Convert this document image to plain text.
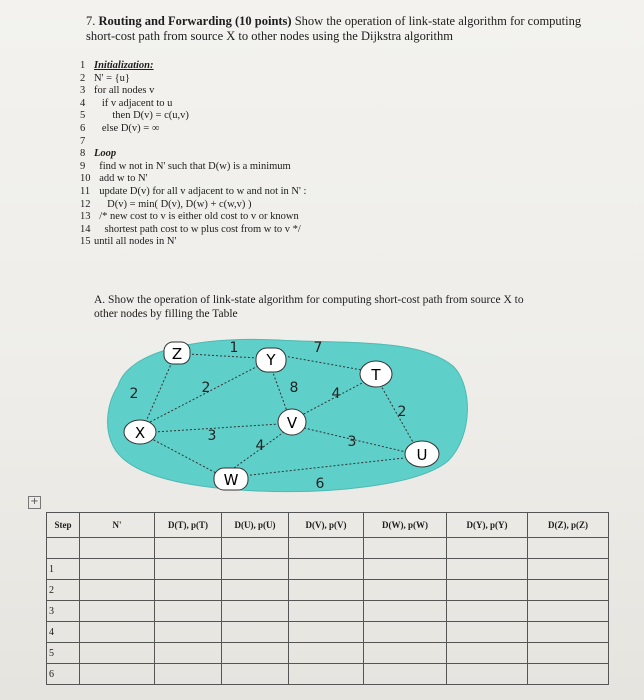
7. Routing and Forwarding (10 points) Show the operation of link-state algorithm for computing short-cost path from source X to other nodes using the Dijkstra algorithm
1 Initialization:
2 N' = {u}
3 for all nodes v
4   if v adjacent to u
5       then D(v) = c(u,v)
6   else D(v) = ∞
7
8 Loop
9  find w not in N' such that D(w) is a minimum
10  add w to N'
11  update D(v) for all v adjacent to w and not in N' :
12     D(v) = min( D(v), D(w) + c(w,v) )
13  /* new cost to v is either old cost to v or known
14    shortest path cost to w plus cost from w to v */
15 until all nodes in N'
A. Show the operation of link-state algorithm for computing short-cost path from source X to other nodes by filling the Table
Z	Y
T
X
V
U
W
1	7
2	2	8 4
2
3
4	3
6
+
Step	N'	D(T), p(T)	D(U), p(U)	D(V), p(V)	D(W), p(W)	D(Y), p(Y)	D(Z), p(Z)

1							
2							
3							
4							
5							
6							
